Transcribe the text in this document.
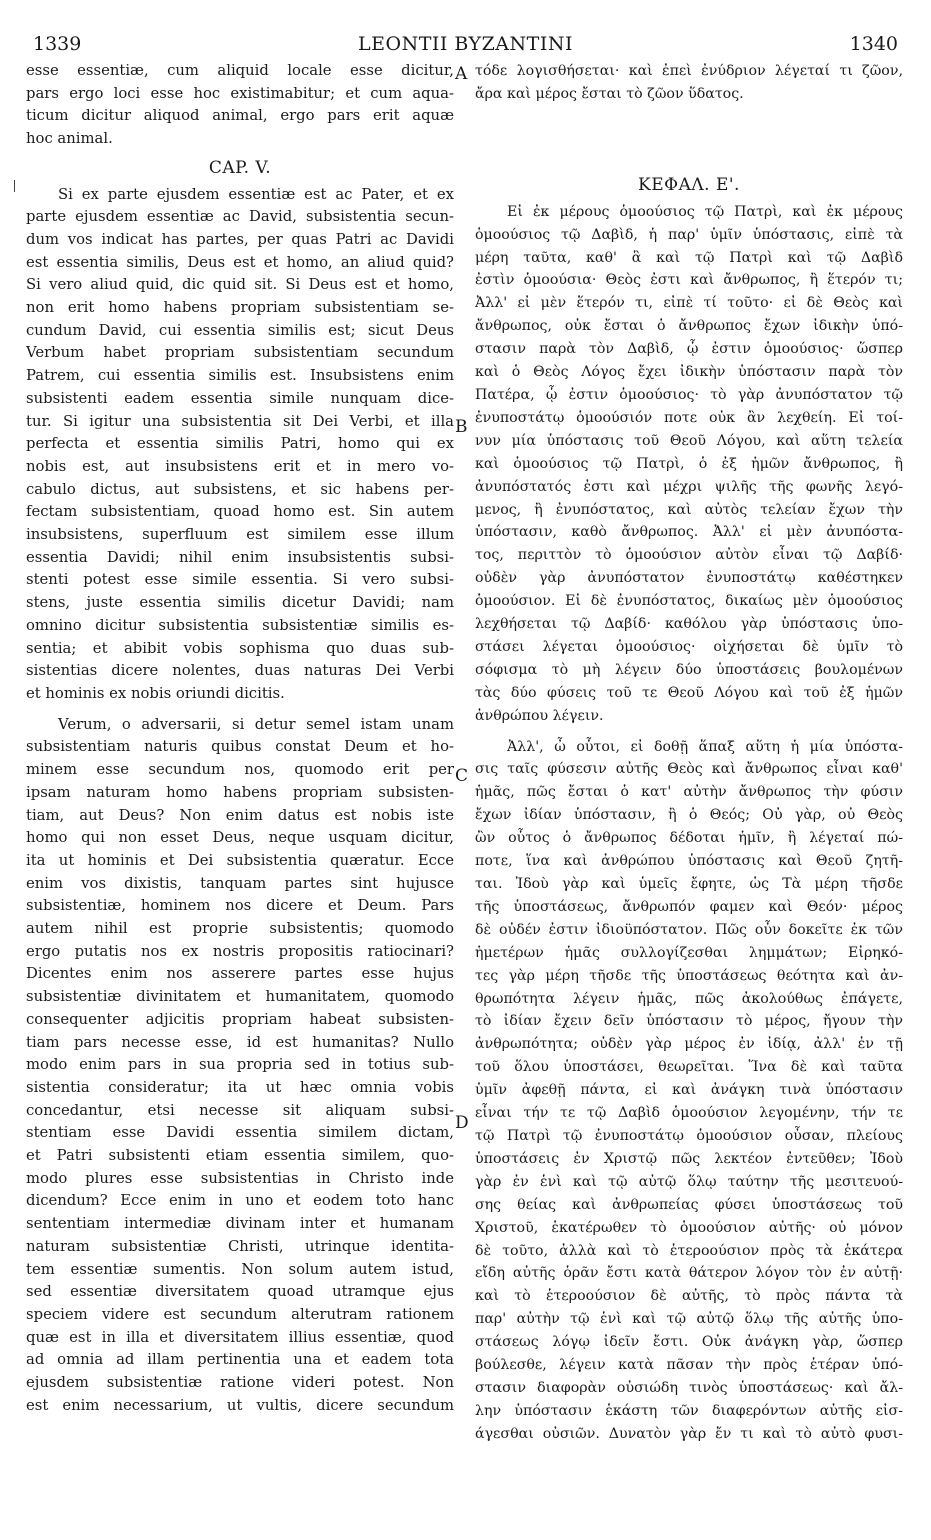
1339	LEONTII BYZANTINI	1340
A
B
C
D
esse essentiæ, cum aliquid locale esse dicitur,
pars ergo loci esse hoc existimabitur; et cum aqua-
ticum dicitur aliquod animal, ergo pars erit aquæ
hoc animal.
CAP. V.
Si ex parte ejusdem essentiæ est ac Pater, et ex
parte ejusdem essentiæ ac David, subsistentia secun-
dum vos indicat has partes, per quas Patri ac Davidi
est essentia similis, Deus est et homo, an aliud quid?
Si vero aliud quid, dic quid sit. Si Deus est et homo,
non erit homo habens propriam subsistentiam se-
cundum David, cui essentia similis est; sicut Deus
Verbum habet propriam subsistentiam secundum
Patrem, cui essentia similis est. Insubsistens enim
subsistenti eadem essentia simile nunquam dice-
tur. Si igitur una subsistentia sit Dei Verbi, et illa
perfecta et essentia similis Patri, homo qui ex
nobis est, aut insubsistens erit et in mero vo-
cabulo dictus, aut subsistens, et sic habens per-
fectam subsistentiam, quoad homo est. Sin autem
insubsistens, superfluum est similem esse illum
essentia Davidi; nihil enim insubsistentis subsi-
stenti potest esse simile essentia. Si vero subsi-
stens, juste essentia similis dicetur Davidi; nam
omnino dicitur subsistentia subsistentiæ similis es-
sentia; et abibit vobis sophisma quo duas sub-
sistentias dicere nolentes, duas naturas Dei Verbi
et hominis ex nobis oriundi dicitis.
Verum, o adversarii, si detur semel istam unam
subsistentiam naturis quibus constat Deum et ho-
minem esse secundum nos, quomodo erit per
ipsam naturam homo habens propriam subsisten-
tiam, aut Deus? Non enim datus est nobis iste
homo qui non esset Deus, neque usquam dicitur,
ita ut hominis et Dei subsistentia quæratur. Ecce
enim vos dixistis, tanquam partes sint hujusce
subsistentiæ, hominem nos dicere et Deum. Pars
autem nihil est proprie subsistentis; quomodo
ergo putatis nos ex nostris propositis ratiocinari?
Dicentes enim nos asserere partes esse hujus
subsistentiæ divinitatem et humanitatem, quomodo
consequenter adjicitis propriam habeat subsisten-
tiam pars necesse esse, id est humanitas? Nullo
modo enim pars in sua propria sed in totius sub-
sistentia consideratur; ita ut hæc omnia vobis
concedantur, etsi necesse sit aliquam subsi-
stentiam esse Davidi essentia similem dictam,
et Patri subsistenti etiam essentia similem, quo-
modo plures esse subsistentias in Christo inde
dicendum? Ecce enim in uno et eodem toto hanc
sententiam intermediæ divinam inter et humanam
naturam subsistentiæ Christi, utrinque identita-
tem essentiæ sumentis. Non solum autem istud,
sed essentiæ diversitatem quoad utramque ejus
speciem videre est secundum alterutram rationem
quæ est in illa et diversitatem illius essentiæ, quod
ad omnia ad illam pertinentia una et eadem tota
ejusdem subsistentiæ ratione videri potest. Non
est enim necessarium, ut vultis, dicere secundum
τόδε λογισθήσεται· καὶ ἐπεὶ ἐνύδριον λέγεταί τι ζῶον,
ἄρα καὶ μέρος ἔσται τὸ ζῶον ὕδατος.
ΚΕΦΑΛ. Ε'.
Εἰ ἐκ μέρους ὁμοούσιος τῷ Πατρὶ, καὶ ἐκ μέρους
ὁμοούσιος τῷ Δαβὶδ, ἡ παρ' ὑμῖν ὑπόστασις, εἰπὲ τὰ
μέρη ταῦτα, καθ' ἃ καὶ τῷ Πατρὶ καὶ τῷ Δαβὶδ
ἐστὶν ὁμοούσια· Θεὸς ἐστι καὶ ἄνθρωπος, ἢ ἕτερόν τι;
Ἀλλ' εἰ μὲν ἕτερόν τι, εἰπὲ τί τοῦτο· εἰ δὲ Θεὸς καὶ
ἄνθρωπος, οὐκ ἔσται ὁ ἄνθρωπος ἔχων ἰδικὴν ὑπό-
στασιν παρὰ τὸν Δαβὶδ, ᾧ ἐστιν ὁμοούσιος· ὥσπερ
καὶ ὁ Θεὸς Λόγος ἔχει ἰδικὴν ὑπόστασιν παρὰ τὸν
Πατέρα, ᾧ ἐστιν ὁμοούσιος· τὸ γὰρ ἀνυπόστατον τῷ
ἐνυποστάτῳ ὁμοούσιόν ποτε οὐκ ἂν λεχθείη. Εἰ τοί-
νυν μία ὑπόστασις τοῦ Θεοῦ Λόγου, καὶ αὕτη τελεία
καὶ ὁμοούσιος τῷ Πατρὶ, ὁ ἐξ ἡμῶν ἄνθρωπος, ἢ
ἀνυπόστατός ἐστι καὶ μέχρι ψιλῆς τῆς φωνῆς λεγό-
μενος, ἢ ἐνυπόστατος, καὶ αὐτὸς τελείαν ἔχων τὴν
ὑπόστασιν, καθὸ ἄνθρωπος. Ἀλλ' εἰ μὲν ἀνυπόστα-
τος, περιττὸν τὸ ὁμοούσιον αὐτὸν εἶναι τῷ Δαβίδ·
οὐδὲν γὰρ ἀνυπόστατον ἐνυποστάτῳ καθέστηκεν
ὁμοούσιον. Εἰ δὲ ἐνυπόστατος, δικαίως μὲν ὁμοούσιος
λεχθήσεται τῷ Δαβίδ· καθόλου γὰρ ὑπόστασις ὑπο-
στάσει λέγεται ὁμοούσιος· οἰχήσεται δὲ ὑμῖν τὸ
σόφισμα τὸ μὴ λέγειν δύο ὑποστάσεις βουλομένων
τὰς δύο φύσεις τοῦ τε Θεοῦ Λόγου καὶ τοῦ ἐξ ἡμῶν
ἀνθρώπου λέγειν.
Ἀλλ', ὦ οὗτοι, εἰ δοθῇ ἅπαξ αὕτη ἡ μία ὑπόστα-
σις ταῖς φύσεσιν αὐτῆς Θεὸς καὶ ἄνθρωπος εἶναι καθ'
ἡμᾶς, πῶς ἔσται ὁ κατ' αὐτὴν ἄνθρωπος τὴν φύσιν
ἔχων ἰδίαν ὑπόστασιν, ἢ ὁ Θεός; Οὐ γὰρ, οὐ Θεὸς
ὢν οὗτος ὁ ἄνθρωπος δέδοται ἡμῖν, ἢ λέγεταί πώ-
ποτε, ἵνα καὶ ἀνθρώπου ὑπόστασις καὶ Θεοῦ ζητῆ-
ται. Ἰδοὺ γὰρ καὶ ὑμεῖς ἔφητε, ὡς Τὰ μέρη τῆσδε
τῆς ὑποστάσεως, ἄνθρωπόν φαμεν καὶ Θεόν· μέρος
δὲ οὐδέν ἐστιν ἰδιοϋπόστατον. Πῶς οὖν δοκεῖτε ἐκ τῶν
ἡμετέρων ἡμᾶς συλλογίζεσθαι λημμάτων; Εἰρηκό-
τες γὰρ μέρη τῆσδε τῆς ὑποστάσεως θεότητα καὶ ἀν-
θρωπότητα λέγειν ἡμᾶς, πῶς ἀκολούθως ἐπάγετε,
τὸ ἰδίαν ἔχειν δεῖν ὑπόστασιν τὸ μέρος, ἤγουν τὴν
ἀνθρωπότητα; οὐδὲν γὰρ μέρος ἐν ἰδίᾳ, ἀλλ' ἐν τῇ
τοῦ ὅλου ὑποστάσει, θεωρεῖται. Ἵνα δὲ καὶ ταῦτα
ὑμῖν ἀφεθῇ πάντα, εἰ καὶ ἀνάγκη τινὰ ὑπόστασιν
εἶναι τήν τε τῷ Δαβὶδ ὁμοούσιον λεγομένην, τήν τε
τῷ Πατρὶ τῷ ἐνυποστάτῳ ὁμοούσιον οὖσαν, πλείους
ὑποστάσεις ἐν Χριστῷ πῶς λεκτέον ἐντεῦθεν; Ἰδοὺ
γὰρ ἐν ἑνὶ καὶ τῷ αὐτῷ ὅλῳ ταύτην τῆς μεσιτευού-
σης θείας καὶ ἀνθρωπείας φύσει ὑποστάσεως τοῦ
Χριστοῦ, ἑκατέρωθεν τὸ ὁμοούσιον αὐτῆς· οὐ μόνον
δὲ τοῦτο, ἀλλὰ καὶ τὸ ἑτεροούσιον πρὸς τὰ ἑκάτερα
εἴδη αὐτῆς ὁρᾶν ἔστι κατὰ θάτερον λόγον τὸν ἐν αὐτῇ·
καὶ τὸ ἑτεροούσιον δὲ αὐτῆς, τὸ πρὸς πάντα τὰ
παρ' αὐτὴν τῷ ἑνὶ καὶ τῷ αὐτῷ ὅλῳ τῆς αὐτῆς ὑπο-
στάσεως λόγῳ ἰδεῖν ἔστι. Οὐκ ἀνάγκη γὰρ, ὥσπερ
βούλεσθε, λέγειν κατὰ πᾶσαν τὴν πρὸς ἑτέραν ὑπό-
στασιν διαφορὰν οὐσιώδη τινὸς ὑποστάσεως· καὶ ἄλ-
λην ὑπόστασιν ἑκάστη τῶν διαφερόντων αὐτῆς εἰσ-
άγεσθαι οὐσιῶν. Δυνατὸν γὰρ ἔν τι καὶ τὸ αὐτὸ φυσι-
